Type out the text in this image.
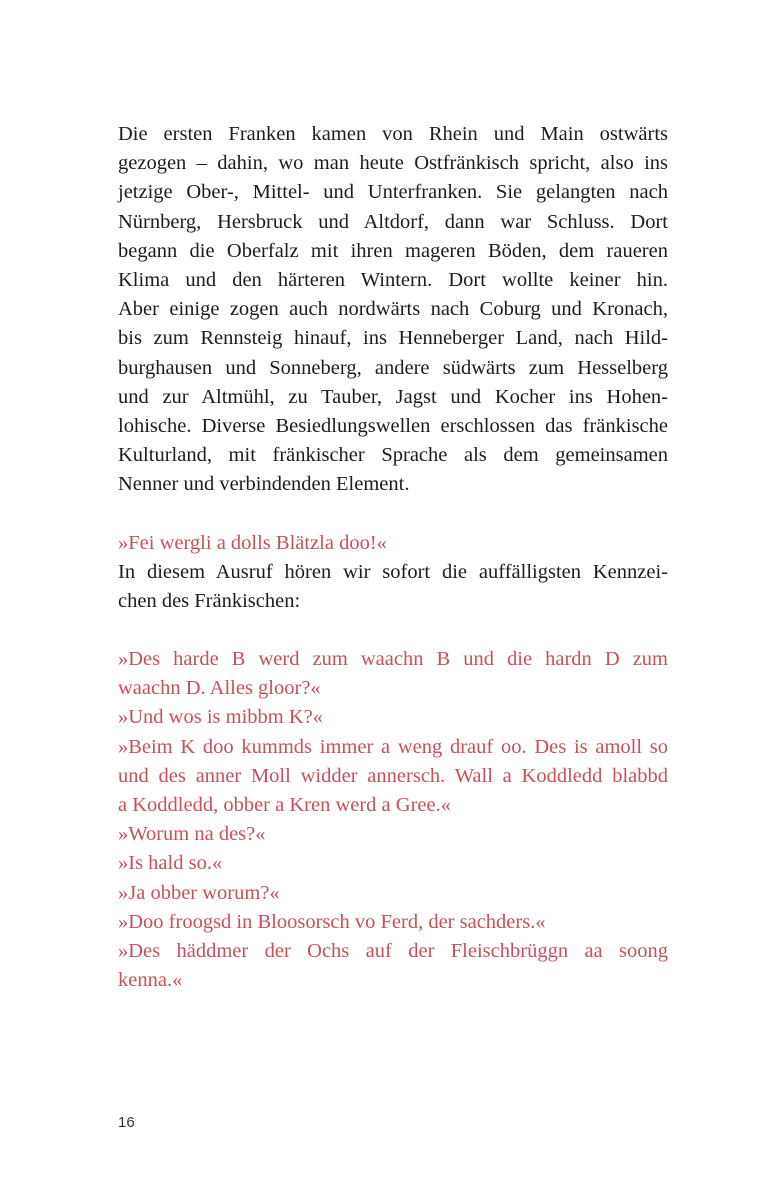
Die ersten Franken kamen von Rhein und Main ostwärts
gezogen – dahin, wo man heute Ostfränkisch spricht, also ins
jetzige Ober-, Mittel- und Unterfranken. Sie gelangten nach
Nürnberg, Hersbruck und Altdorf, dann war Schluss. Dort
begann die Oberfalz mit ihren mageren Böden, dem raueren
Klima und den härteren Wintern. Dort wollte keiner hin.
Aber einige zogen auch nordwärts nach Coburg und Kronach,
bis zum Rennsteig hinauf, ins Henneberger Land, nach Hild-
burghausen und Sonneberg, andere südwärts zum Hesselberg
und zur Altmühl, zu Tauber, Jagst und Kocher ins Hohen-
lohische. Diverse Besiedlungswellen erschlossen das fränkische
Kulturland, mit fränkischer Sprache als dem gemeinsamen
Nenner und verbindenden Element.
»Fei wergli a dolls Blätzla doo!«
In diesem Ausruf hören wir sofort die auffälligsten Kennzei-
chen des Fränkischen:
»Des harde B werd zum waachn B und die hardn D zum
waachn D. Alles gloor?«
»Und wos is mibbm K?«
»Beim K doo kummds immer a weng drauf oo. Des is amoll so
und des anner Moll widder annersch. Wall a Koddledd blabbd
a Koddledd, obber a Kren werd a Gree.«
»Worum na des?«
»Is hald so.«
»Ja obber worum?«
»Doo froogsd in Bloosorsch vo Ferd, der sachders.«
»Des häddmer der Ochs auf der Fleischbrüggn aa soong
kenna.«
16
